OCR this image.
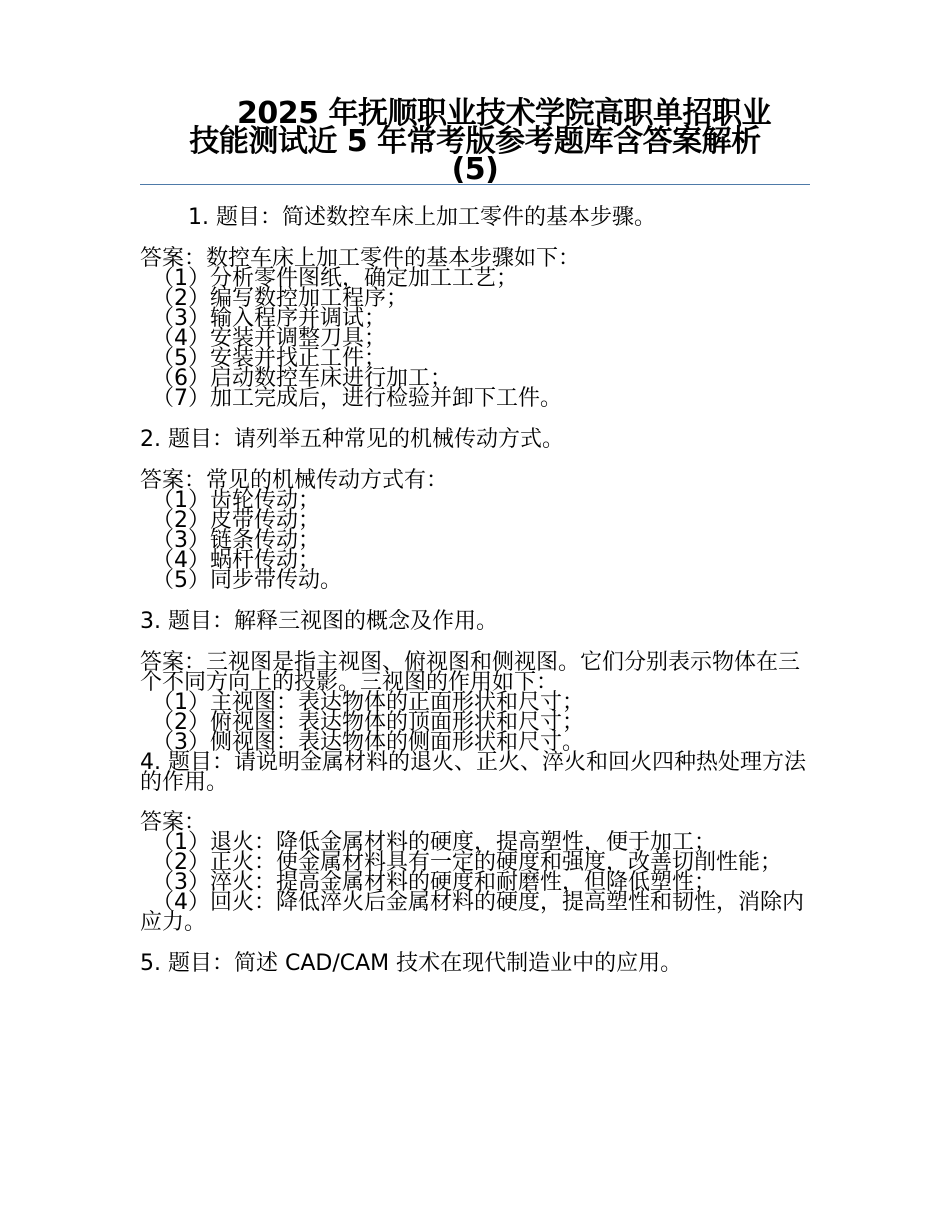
2025 年抚顺职业技术学院高职单招职业
技能测试近 5 年常考版参考题库含答案解析
(5)

1. 题目：简述数控车床上加工零件的基本步骤。

答案：数控车床上加工零件的基本步骤如下：

（1）分析零件图纸，确定加工工艺；

（2）编写数控加工程序；

（3）输入程序并调试；

（4）安装并调整刀具；

（5）安装并找正工件；

（6）启动数控车床进行加工；

（7）加工完成后，进行检验并卸下工件。

2. 题目：请列举五种常见的机械传动方式。

答案：常见的机械传动方式有：

（1）齿轮传动；

（2）皮带传动；

（3）链条传动；

（4）蜗杆传动；

（5）同步带传动。

3. 题目：解释三视图的概念及作用。

答案：三视图是指主视图、俯视图和侧视图。它们分别表示物体在三个不同方向上的投影。三视图的作用如下：

（1）主视图：表达物体的正面形状和尺寸；

（2）俯视图：表达物体的顶面形状和尺寸；

（3）侧视图：表达物体的侧面形状和尺寸。

4. 题目：请说明金属材料的退火、正火、淬火和回火四种热处理方法的作用。

答案：

（1）退火：降低金属材料的硬度，提高塑性，便于加工；

（2）正火：使金属材料具有一定的硬度和强度，改善切削性能；

（3）淬火：提高金属材料的硬度和耐磨性，但降低塑性；

（4）回火：降低淬火后金属材料的硬度，提高塑性和韧性，消除内应力。

5. 题目：简述 CAD/CAM 技术在现代制造业中的应用。
